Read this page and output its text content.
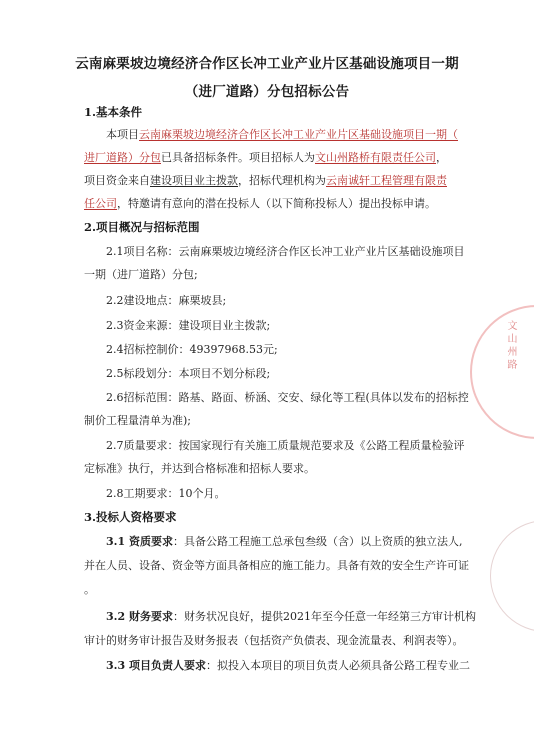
云南麻栗坡边境经济合作区长冲工业产业片区基础设施项目一期
（进厂道路）分包招标公告
1.基本条件
本项目云南麻栗坡边境经济合作区长冲工业产业片区基础设施项目一期（
进厂道路）分包已具备招标条件。项目招标人为文山州路桥有限责任公司，
项目资金来自建设项目业主拨款，招标代理机构为云南诚轩工程管理有限责
任公司，特邀请有意向的潜在投标人（以下简称投标人）提出投标申请。
2.项目概况与招标范围
2.1项目名称：云南麻栗坡边境经济合作区长冲工业产业片区基础设施项目
一期（进厂道路）分包;
2.2建设地点：麻栗坡县;
2.3资金来源：建设项目业主拨款;
2.4招标控制价：49397968.53元;
2.5标段划分：本项目不划分标段;
2.6招标范围：路基、路面、桥涵、交安、绿化等工程(具体以发布的招标控
制价工程量清单为准);
2.7质量要求：按国家现行有关施工质量规范要求及《公路工程质量检验评
定标准》执行，并达到合格标准和招标人要求。
2.8工期要求：10个月。
3.投标人资格要求
3.1 资质要求：具备公路工程施工总承包叁级（含）以上资质的独立法人,
并在人员、设备、资金等方面具备相应的施工能力。具备有效的安全生产许可证
。
3.2 财务要求：财务状况良好，提供2021年至今任意一年经第三方审计机构
审计的财务审计报告及财务报表（包括资产负债表、现金流量表、利润表等）。
3.3 项目负责人要求：拟投入本项目的项目负责人必须具备公路工程专业二
文山州路
